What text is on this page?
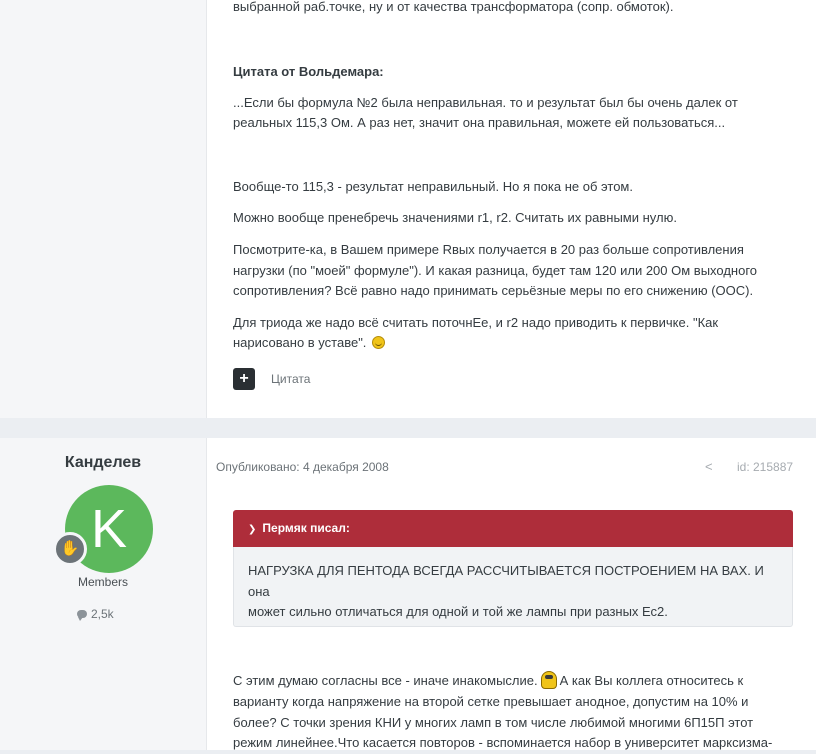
выбранной раб.точке, ну и от качества трансформатора (сопр. обмоток).

Цитата от Вольдемара:

...Если бы формула №2 была неправильная. то и результат был бы очень далек от

реальных 115,3 Ом. А раз нет, значит она правильная, можете ей пользоваться...

Вообще-то 115,3 - результат неправильный. Но я пока не об этом.

Можно вообще пренебречь значениями r1, r2. Считать их равными нулю.

Посмотрите-ка, в Вашем примере Rвых получается в 20 раз больше сопротивления

нагрузки (по "моей" формуле"). И какая разница, будет там 120 или 200 Ом выходного

сопротивления? Всё равно надо принимать серьёзные меры по его снижению (ООС).

Для триода же надо всё считать поточнЕе, и r2 надо приводить к первичке. "Как

нарисовано в уставе".

+	Цитата
Канделев
K
✋
Members
2,5k
Опубликовано: 4 декабря 2008	< id: 215887
❯ Пермяк писал:
НАГРУЗКА ДЛЯ ПЕНТОДА ВСЕГДА РАССЧИТЫВАЕТСЯ ПОСТРОЕНИЕМ НА ВАХ. И она
может сильно отличаться для одной и той же лампы при разных Ес2.

С этим думаю согласны все - иначе инакомыслие. А как Вы коллега относитесь к

варианту когда напряжение на второй сетке превышает анодное, допустим на 10% и

более? С точки зрения КНИ у многих ламп в том числе любимой многими 6П15П этот

режим линейнее.Что касается повторов - вспоминается набор в университет марксизма-
